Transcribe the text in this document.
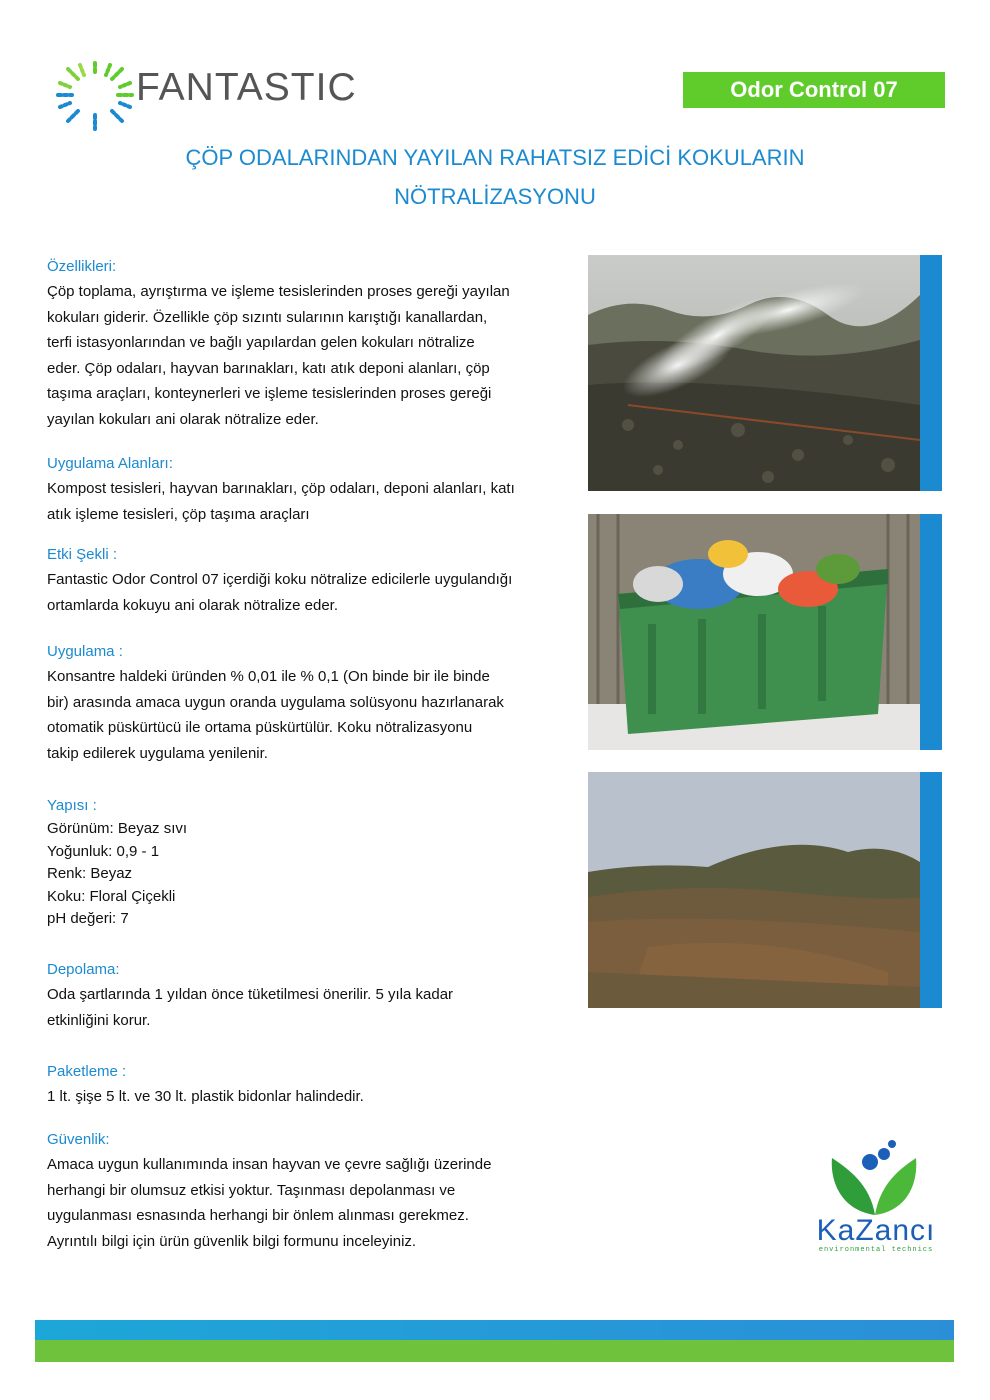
FANTASTIC	Odor Control 07
ÇÖP ODALARINDAN YAYILAN RAHATSIZ EDİCİ KOKULARIN
NÖTRALİZASYONU
Özellikleri:
Çöp toplama, ayrıştırma ve işleme tesislerinden proses gereği yayılan
kokuları giderir. Özellikle çöp sızıntı sularının karıştığı kanallardan,
terfi istasyonlarından ve bağlı yapılardan gelen kokuları nötralize
eder. Çöp odaları, hayvan barınakları, katı atık deponi alanları, çöp
taşıma araçları, konteynerleri ve işleme tesislerinden proses gereği
yayılan kokuları ani olarak nötralize eder.
Uygulama Alanları:
Kompost tesisleri, hayvan barınakları, çöp odaları, deponi alanları, katı
atık işleme tesisleri, çöp taşıma araçları
Etki Şekli :
Fantastic Odor Control 07 içerdiği koku nötralize edicilerle uygulandığı
ortamlarda kokuyu ani olarak nötralize eder.
Uygulama :
Konsantre haldeki üründen % 0,01 ile % 0,1 (On binde bir ile binde
bir) arasında amaca uygun oranda uygulama solüsyonu hazırlanarak
otomatik püskürtücü ile ortama püskürtülür. Koku nötralizasyonu
takip edilerek uygulama yenilenir.
Yapısı :
Görünüm: Beyaz sıvı
Yoğunluk: 0,9 - 1
Renk: Beyaz
Koku: Floral Çiçekli
pH değeri: 7
Depolama:
Oda şartlarında 1 yıldan önce tüketilmesi önerilir. 5 yıla kadar
etkinliğini korur.
Paketleme :
1 lt. şişe 5 lt. ve 30 lt. plastik bidonlar halindedir.
Güvenlik:
Amaca uygun kullanımında insan hayvan ve çevre sağlığı üzerinde
herhangi bir olumsuz etkisi yoktur. Taşınması depolanması ve
uygulanması esnasında herhangi bir önlem alınması gerekmez.
Ayrıntılı bilgi için ürün güvenlik bilgi formunu inceleyiniz.	KaZancı
environmental technics
